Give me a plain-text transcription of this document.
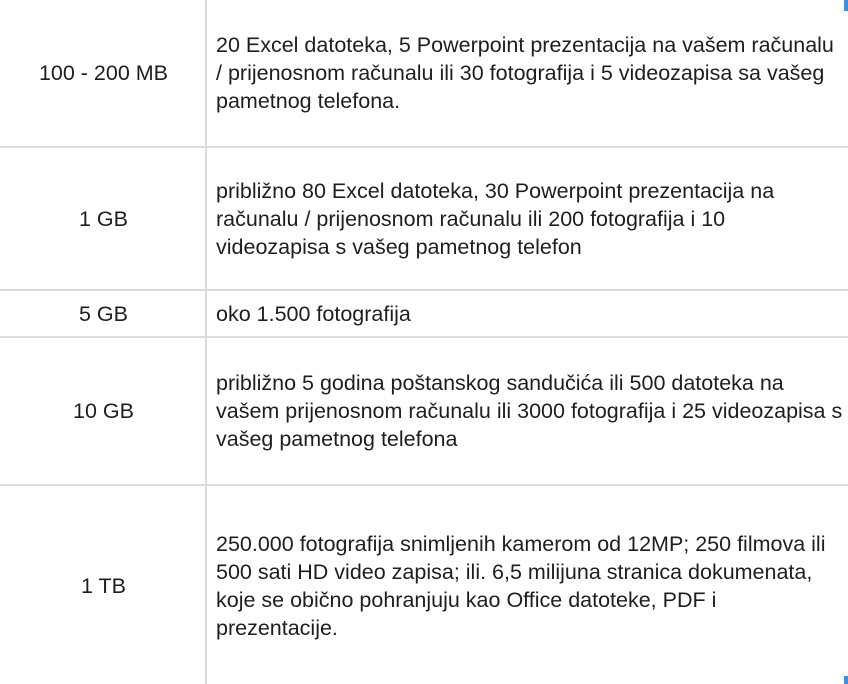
100 - 200 MB	20 Excel datoteka, 5 Powerpoint prezentacija na vašem računalu / prijenosnom računalu ili 30 fotografija i 5 videozapisa sa vašeg pametnog telefona.
1 GB	približno 80 Excel datoteka, 30 Powerpoint prezentacija na računalu / prijenosnom računalu ili 200 fotografija i 10 videozapisa s vašeg pametnog telefon
5 GB	oko 1.500 fotografija
10 GB	približno 5 godina poštanskog sandučića ili 500 datoteka na vašem prijenosnom računalu ili 3000 fotografija i 25 videozapisa s vašeg pametnog telefona
1 TB	250.000 fotografija snimljenih kamerom od 12MP; 250 filmova ili 500 sati HD video zapisa; ili. 6,5 milijuna stranica dokumenata, koje se obično pohranjuju kao Office datoteke, PDF i prezentacije.
